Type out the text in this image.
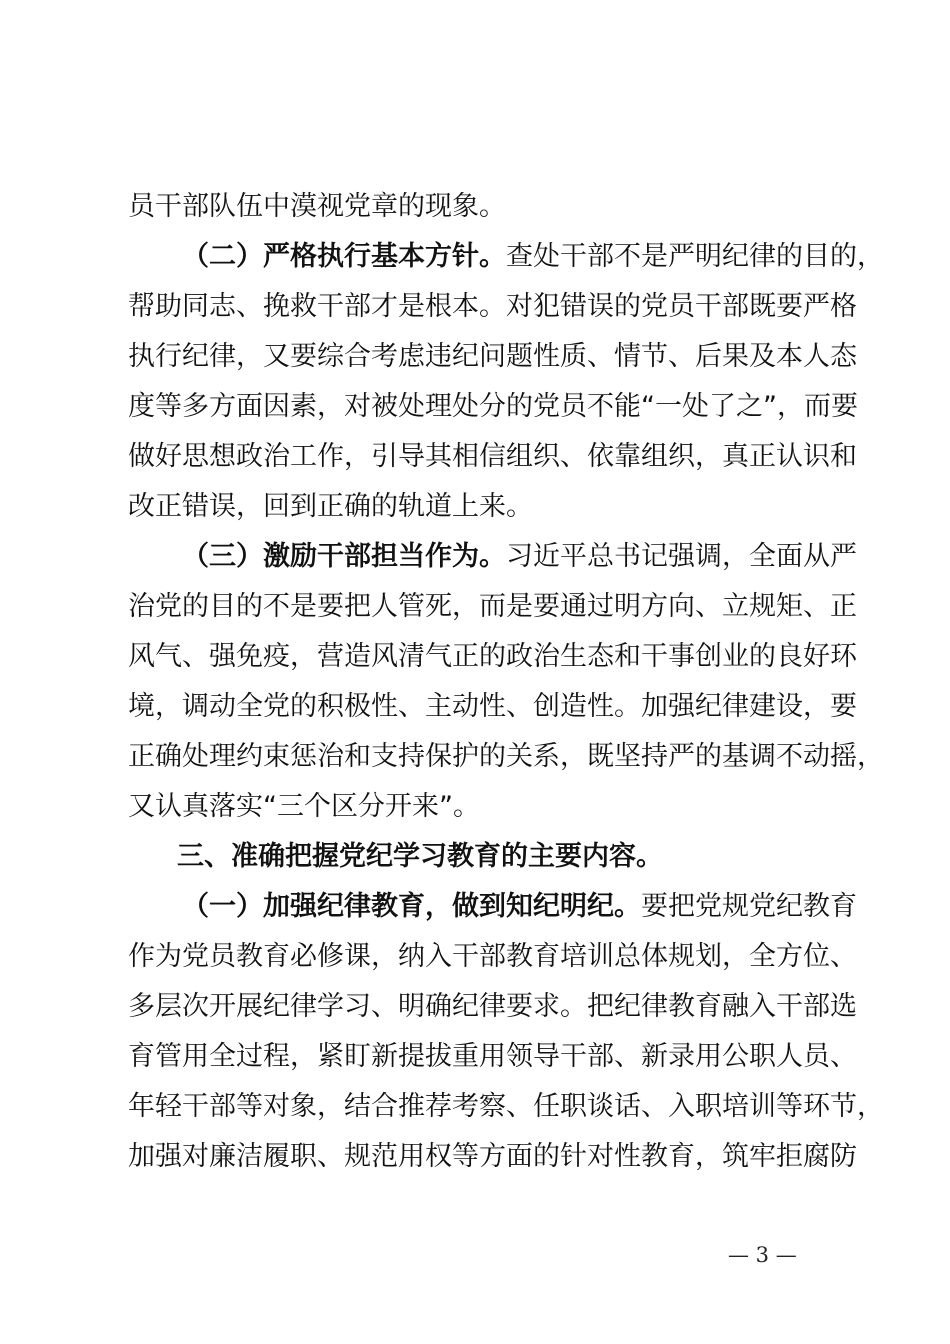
员干部队伍中漠视党章的现象。
（二）严格执行基本方针。查处干部不是严明纪律的目的，
帮助同志、挽救干部才是根本。对犯错误的党员干部既要严格
执行纪律，又要综合考虑违纪问题性质、情节、后果及本人态
度等多方面因素，对被处理处分的党员不能“一处了之”，而要
做好思想政治工作，引导其相信组织、依靠组织，真正认识和
改正错误，回到正确的轨道上来。
（三）激励干部担当作为。习近平总书记强调，全面从严
治党的目的不是要把人管死，而是要通过明方向、立规矩、正
风气、强免疫，营造风清气正的政治生态和干事创业的良好环
境，调动全党的积极性、主动性、创造性。加强纪律建设，要
正确处理约束惩治和支持保护的关系，既坚持严的基调不动摇，
又认真落实“三个区分开来”。
三、准确把握党纪学习教育的主要内容。
（一）加强纪律教育，做到知纪明纪。要把党规党纪教育
作为党员教育必修课，纳入干部教育培训总体规划，全方位、
多层次开展纪律学习、明确纪律要求。把纪律教育融入干部选
育管用全过程，紧盯新提拔重用领导干部、新录用公职人员、
年轻干部等对象，结合推荐考察、任职谈话、入职培训等环节，
加强对廉洁履职、规范用权等方面的针对性教育，筑牢拒腐防
— 3 —
